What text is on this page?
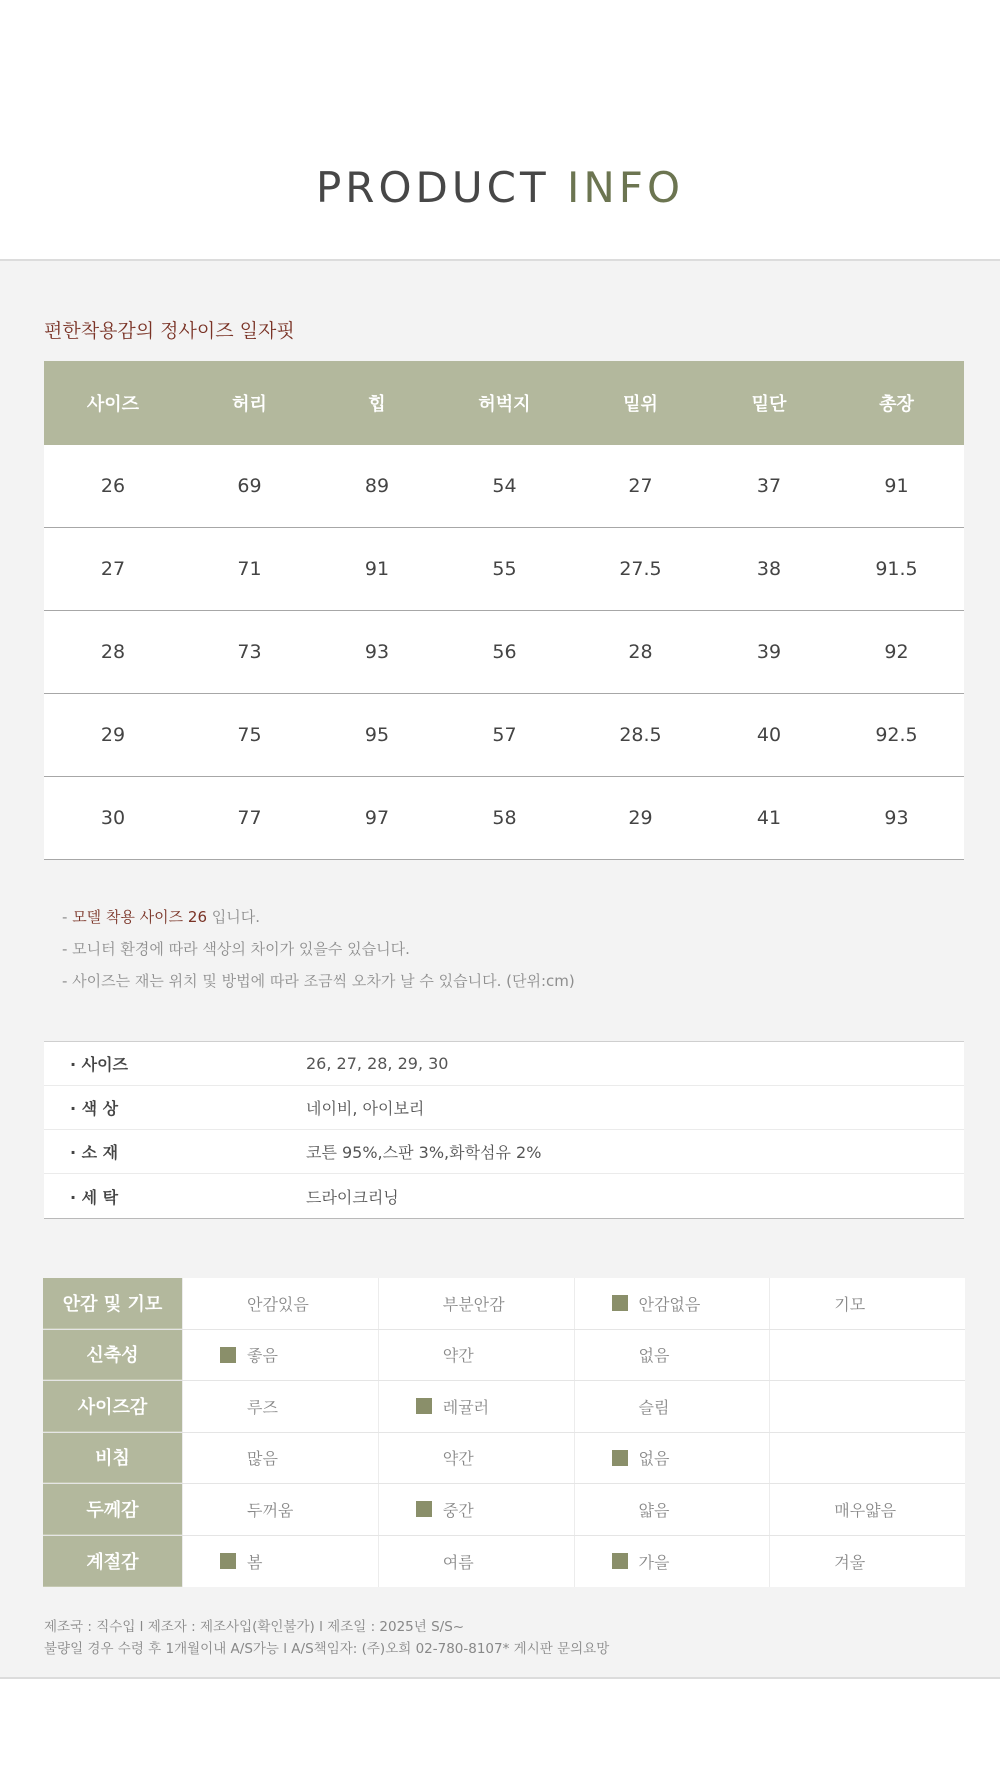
PRODUCT INFO
편한착용감의 정사이즈 일자핏
사이즈	허리	힙	허벅지	밑위	밑단	총장
26	69	89	54	27	37	91
27	71	91	55	27.5	38	91.5
28	73	93	56	28	39	92
29	75	95	57	28.5	40	92.5
30	77	97	58	29	41	93
- 모델 착용 사이즈 26 입니다.
- 모니터 환경에 따라 색상의 차이가 있을수 있습니다.
- 사이즈는 재는 위치 및 방법에 따라 조금씩 오차가 날 수 있습니다. (단위:cm)
· 사이즈	26, 27, 28, 29, 30
· 색 상	네이비, 아이보리
· 소 재	코튼 95%,스판 3%,화학섬유 2%
· 세 탁	드라이크리닝
안감 및 기모	안감있음	부분안감	안감없음	기모
신축성	좋음	약간	없음
사이즈감	루즈	레귤러	슬림
비침	많음	약간	없음
두께감	두꺼움	중간	얇음	매우얇음
계절감	봄	여름	가을	겨울
제조국 : 직수입 l 제조자 : 제조사입(확인불가) l 제조일 : 2025년 S/S~
불량일 경우 수령 후 1개월이내 A/S가능 l A/S책임자: (주)오희 02-780-8107* 게시판 문의요망
